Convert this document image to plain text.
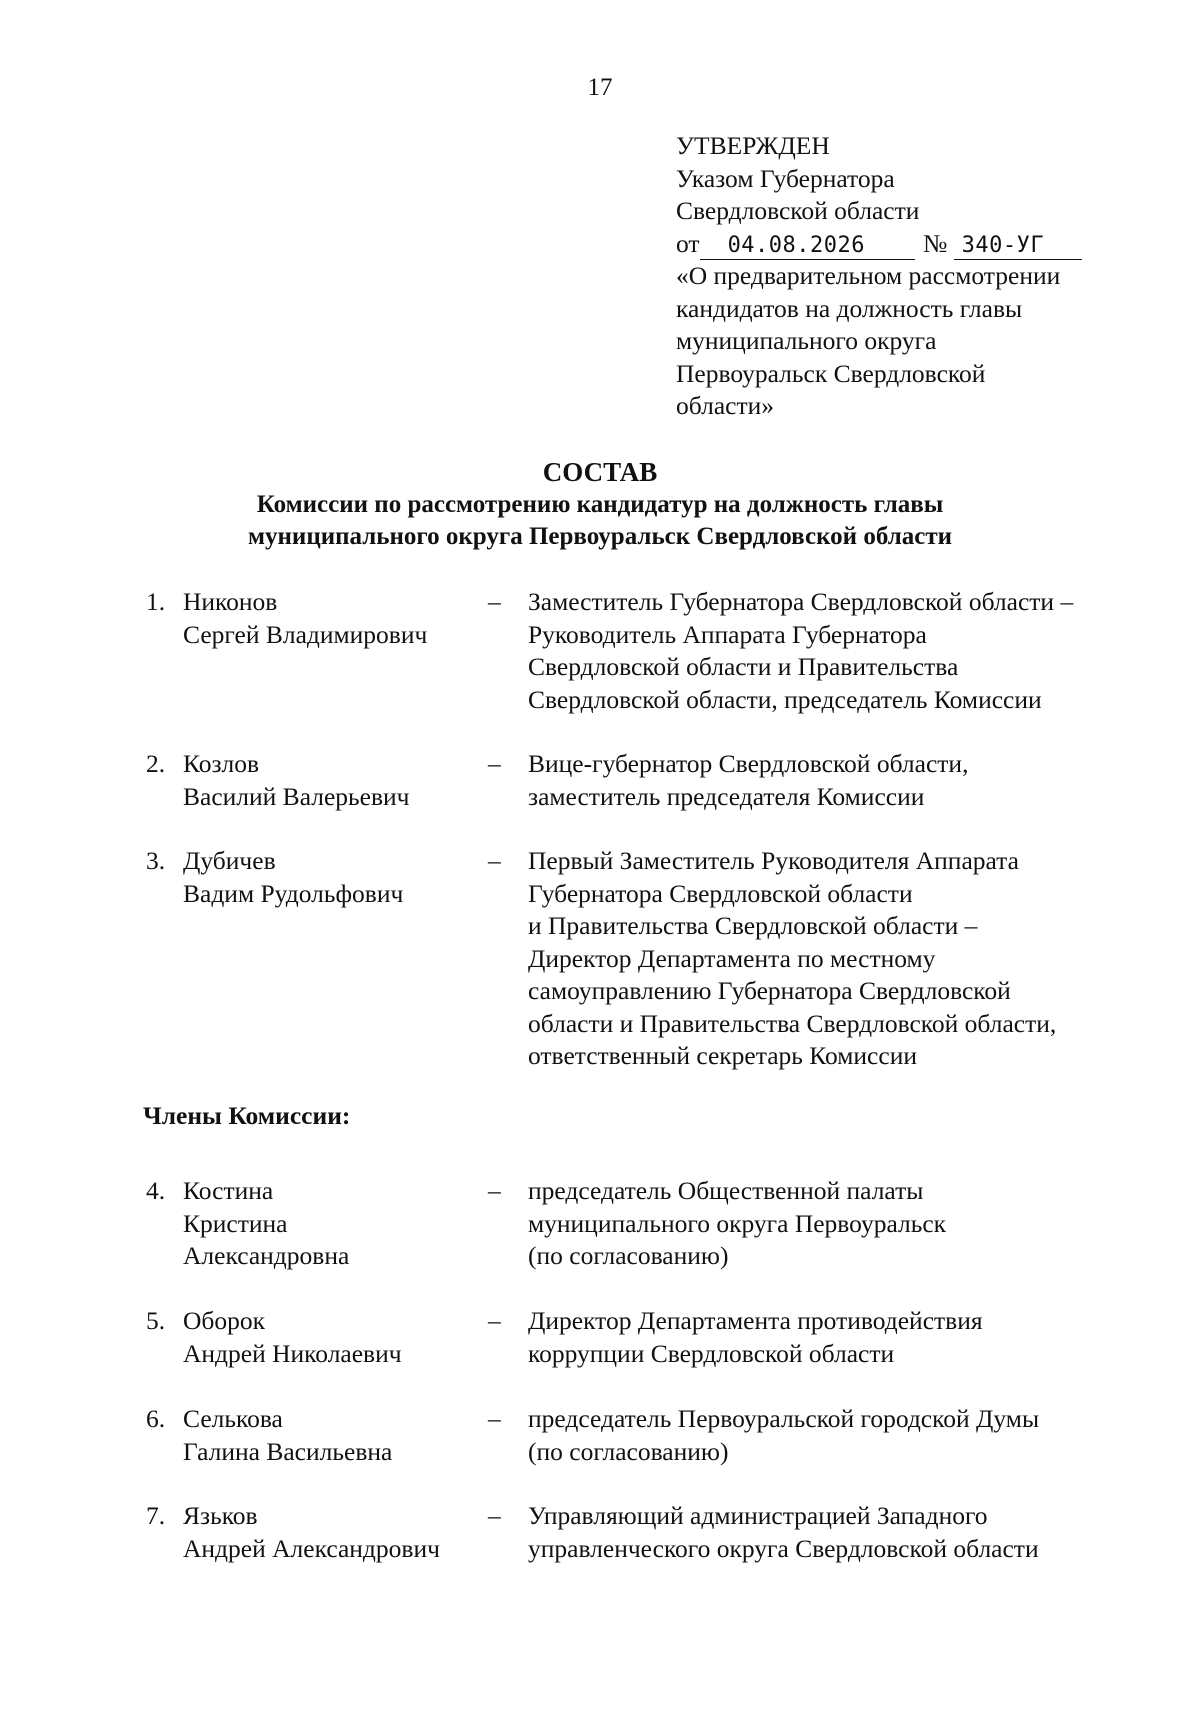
17
УТВЕРЖДЕН
Указом Губернатора
Свердловской области
от 04.08.2026 № 340-УГ
«О предварительном рассмотрении
кандидатов на должность главы
муниципального округа
Первоуральск Свердловской
области»
СОСТАВ
Комиссии по рассмотрению кандидатур на должность главы
муниципального округа Первоуральск Свердловской области
1. Никонов
Сергей Владимирович
– Заместитель Губернатора Свердловской области –
Руководитель Аппарата Губернатора
Свердловской области и Правительства
Свердловской области, председатель Комиссии
2. Козлов
Василий Валерьевич
– Вице-губернатор Свердловской области,
заместитель председателя Комиссии
3. Дубичев
Вадим Рудольфович
– Первый Заместитель Руководителя Аппарата
Губернатора Свердловской области
и Правительства Свердловской области –
Директор Департамента по местному
самоуправлению Губернатора Свердловской
области и Правительства Свердловской области,
ответственный секретарь Комиссии
Члены Комиссии:
4. Костина
Кристина
Александровна
– председатель Общественной палаты
муниципального округа Первоуральск
(по согласованию)
5. Оборок
Андрей Николаевич
– Директор Департамента противодействия
коррупции Свердловской области
6. Селькова
Галина Васильевна
– председатель Первоуральской городской Думы
(по согласованию)
7. Язьков
Андрей Александрович
– Управляющий администрацией Западного
управленческого округа Свердловской области
